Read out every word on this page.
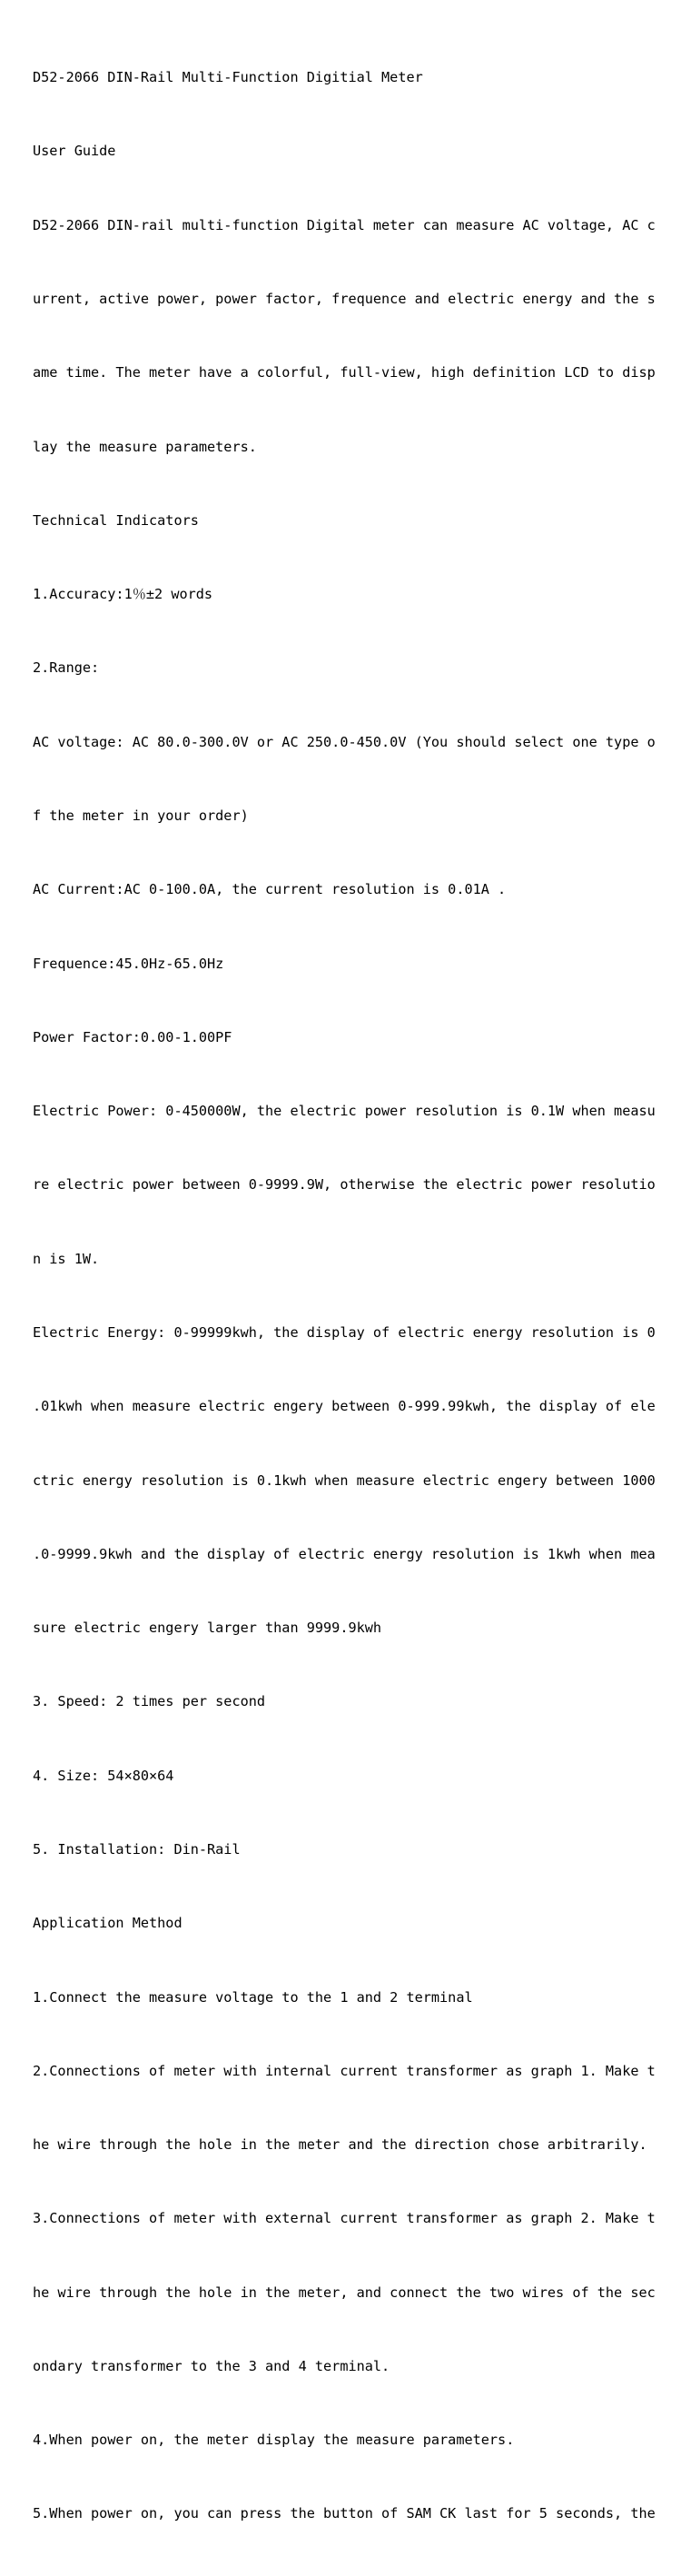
D52-2066 DIN-Rail Multi-Function Digitial Meter

User Guide

D52-2066 DIN-rail multi-function Digital meter can measure AC voltage, AC c

urrent, active power, power factor, frequence and electric energy and the s

ame time. The meter have a colorful, full-view, high definition LCD to disp

lay the measure parameters.

Technical Indicators

1.Accuracy:1％±2 words

2.Range:

AC voltage: AC 80.0-300.0V or AC 250.0-450.0V (You should select one type o

f the meter in your order)

AC Current:AC 0-100.0A, the current resolution is 0.01A .

Frequence:45.0Hz-65.0Hz

Power Factor:0.00-1.00PF

Electric Power: 0-450000W, the electric power resolution is 0.1W when measu

re electric power between 0-9999.9W, otherwise the electric power resolutio

n is 1W.

Electric Energy: 0-99999kwh, the display of electric energy resolution is 0

.01kwh when measure electric engery between 0-999.99kwh, the display of ele

ctric energy resolution is 0.1kwh when measure electric engery between 1000

.0-9999.9kwh and the display of electric energy resolution is 1kwh when mea

sure electric engery larger than 9999.9kwh

3. Speed: 2 times per second

4. Size: 54×80×64

5. Installation: Din-Rail

Application Method

1.Connect the measure voltage to the 1 and 2 terminal

2.Connections of meter with internal current transformer as graph 1. Make t

he wire through the hole in the meter and the direction chose arbitrarily.

3.Connections of meter with external current transformer as graph 2. Make t

he wire through the hole in the meter, and connect the two wires of the sec

ondary transformer to the 3 and 4 terminal.

4.When power on, the meter display the measure parameters.

5.When power on, you can press the button of SAM CK last for 5 seconds, the
